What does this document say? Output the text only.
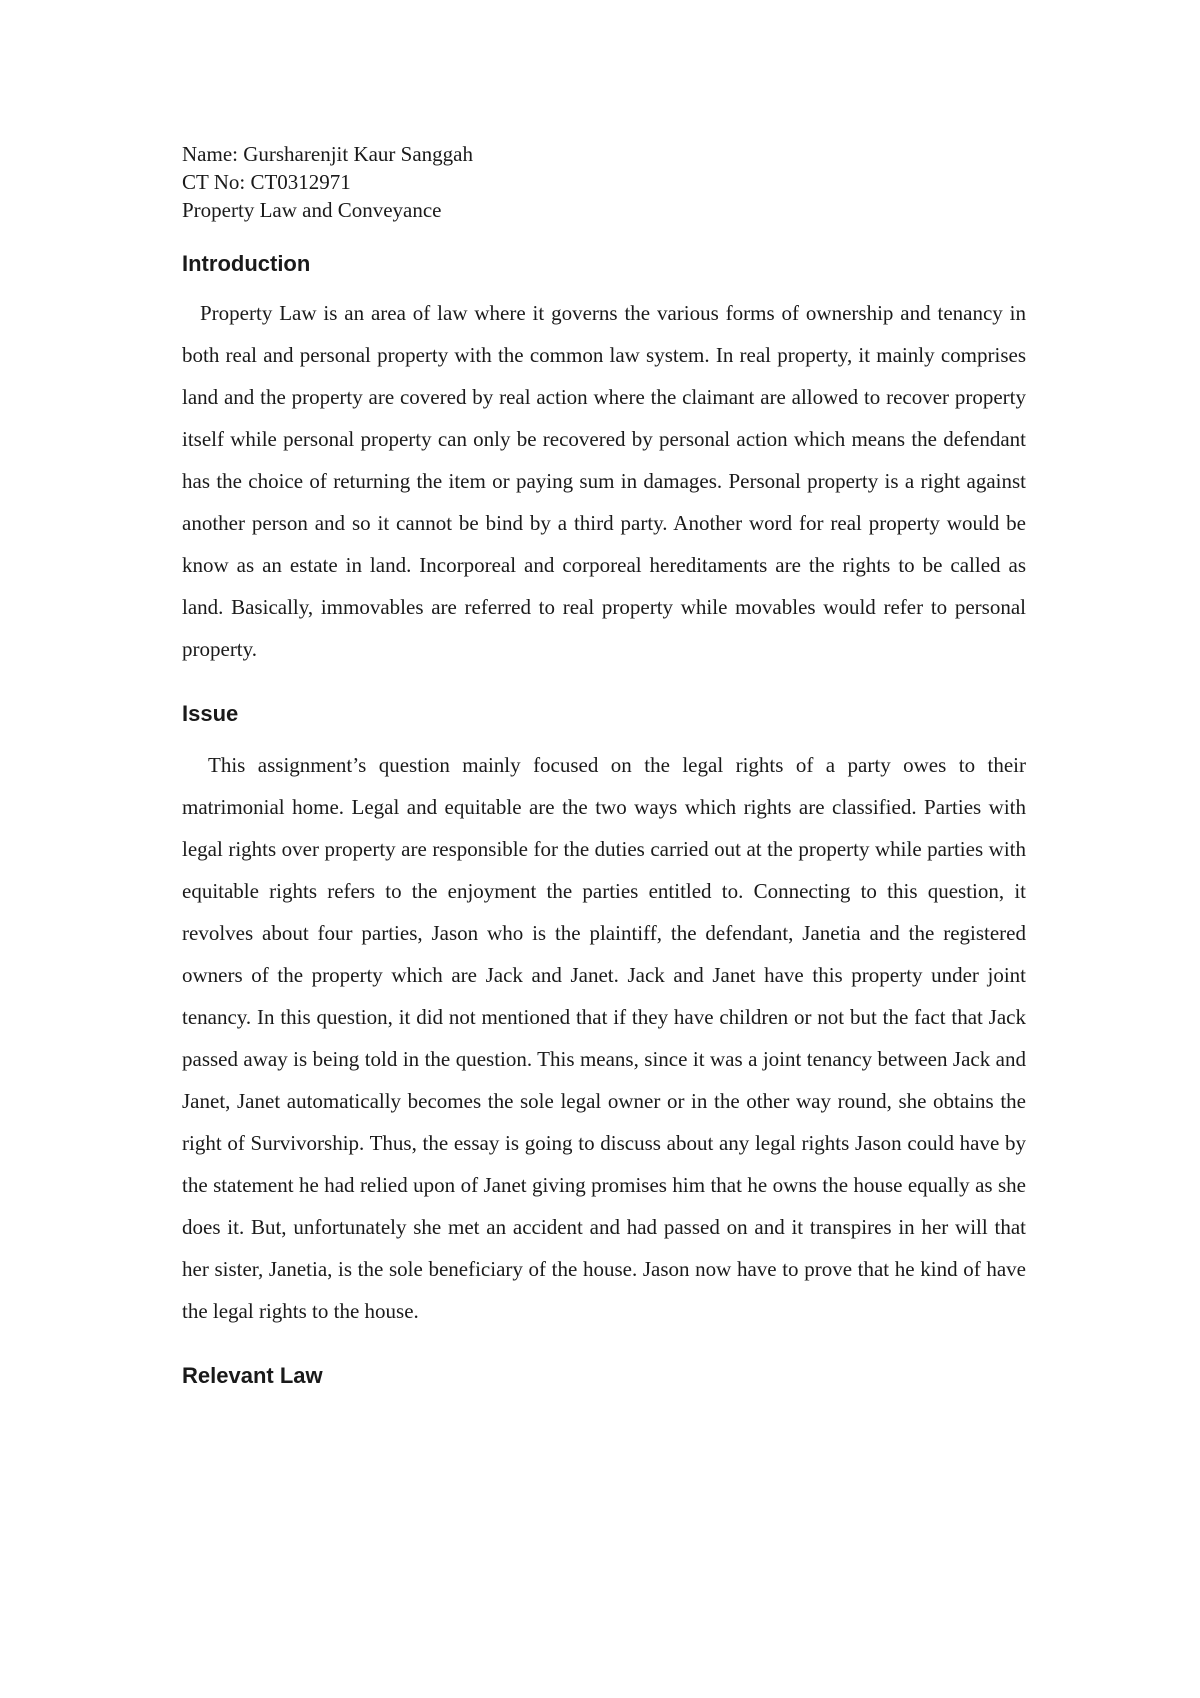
Name: Gursharenjit Kaur Sanggah

CT No: CT0312971

Property Law and Conveyance

Introduction

Property Law is an area of law where it governs the various forms of ownership and tenancy in both real and personal property with the common law system. In real property, it mainly comprises land and the property are covered by real action where the claimant are allowed to recover property itself while personal property can only be recovered by personal action which means the defendant has the choice of returning the item or paying sum in damages. Personal property is a right against another person and so it cannot be bind by a third party. Another word for real property would be know as an estate in land. Incorporeal and corporeal hereditaments are the rights to be called as land. Basically, immovables are referred to real property while movables would refer to personal property.

Issue

This assignment’s question mainly focused on the legal rights of a party owes to their matrimonial home. Legal and equitable are the two ways which rights are classified. Parties with legal rights over property are responsible for the duties carried out at the property while parties with equitable rights refers to the enjoyment the parties entitled to. Connecting to this question, it revolves about four parties, Jason who is the plaintiff, the defendant, Janetia and the registered owners of the property which are Jack and Janet. Jack and Janet have this property under joint tenancy. In this question, it did not mentioned that if they have children or not but the fact that Jack passed away is being told in the question. This means, since it was a joint tenancy between Jack and Janet, Janet automatically becomes the sole legal owner or in the other way round, she obtains the right of Survivorship. Thus, the essay is going to discuss about any legal rights Jason could have by the statement he had relied upon of Janet giving promises him that he owns the house equally as she does it. But, unfortunately she met an accident and had passed on and it transpires in her will that her sister, Janetia, is the sole beneficiary of the house. Jason now have to prove that he kind of have the legal rights to the house.

Relevant Law
